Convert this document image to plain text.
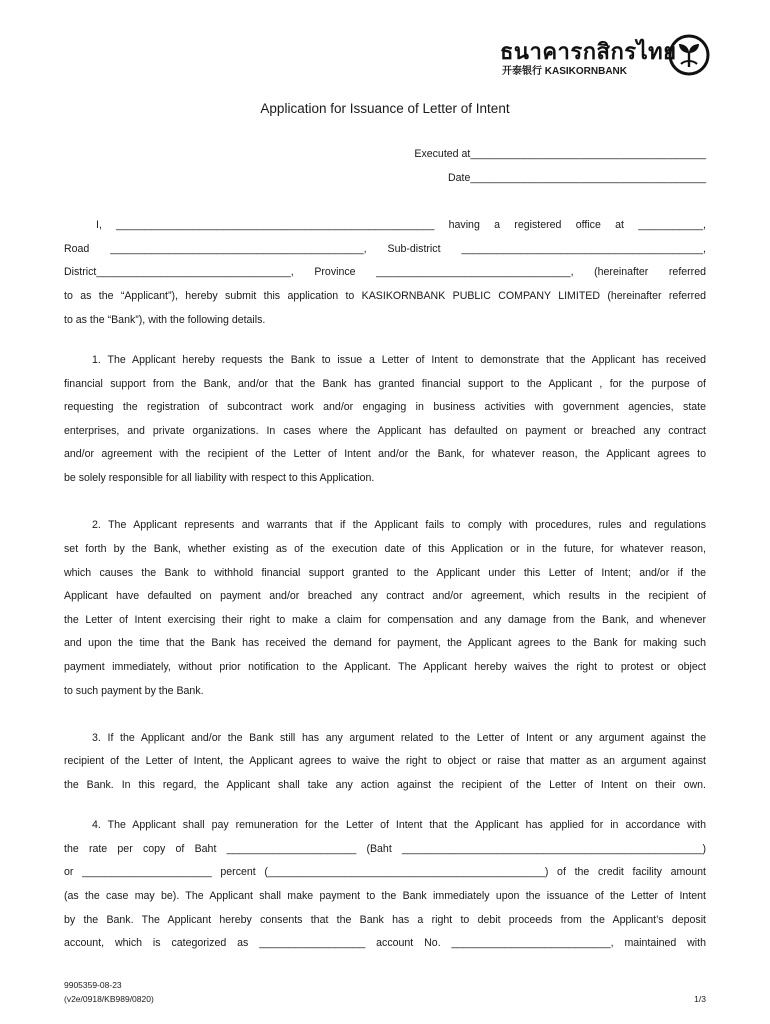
ธนาคารกสิกรไทย
开泰银行 KASIKORNBANK
Application for Issuance of Letter of Intent
Executed at________________________________________
Date________________________________________
I, ______________________________________________________ having a registered office at ___________,
Road ___________________________________________, Sub-district _________________________________________,
District_________________________________, Province _________________________________, (hereinafter referred
to as the “Applicant”), hereby submit this application to KASIKORNBANK PUBLIC COMPANY LIMITED (hereinafter referred
to as the “Bank”), with the following details.
1. The Applicant hereby requests the Bank to issue a Letter of Intent to demonstrate that the Applicant has received
financial support from the Bank, and/or that the Bank has granted financial support to the Applicant , for the purpose of
requesting the registration of subcontract work and/or engaging in business activities with government agencies, state
enterprises, and private organizations. In cases where the Applicant has defaulted on payment or breached any contract
and/or agreement with the recipient of the Letter of Intent and/or the Bank, for whatever reason, the Applicant agrees to
be solely responsible for all liability with respect to this Application.
2. The Applicant represents and warrants that if the Applicant fails to comply with procedures, rules and regulations
set forth by the Bank, whether existing as of the execution date of this Application or in the future, for whatever reason,
which causes the Bank to withhold financial support granted to the Applicant under this Letter of Intent; and/or if the
Applicant have defaulted on payment and/or breached any contract and/or agreement, which results in the recipient of
the Letter of Intent exercising their right to make a claim for compensation and any damage from the Bank, and whenever
and upon the time that the Bank has received the demand for payment, the Applicant agrees to the Bank for making such
payment immediately, without prior notification to the Applicant. The Applicant hereby waives the right to protest or object
to such payment by the Bank.
3. If the Applicant and/or the Bank still has any argument related to the Letter of Intent or any argument against the
recipient of the Letter of Intent, the Applicant agrees to waive the right to object or raise that matter as an argument against
the Bank. In this regard, the Applicant shall take any action against the recipient of the Letter of Intent on their own.
4. The Applicant shall pay remuneration for the Letter of Intent that the Applicant has applied for in accordance with
the rate per copy of Baht ______________________ (Baht ___________________________________________________)
or ______________________ percent (_______________________________________________) of the credit facility amount
(as the case may be). The Applicant shall make payment to the Bank immediately upon the issuance of the Letter of Intent
by the Bank. The Applicant hereby consents that the Bank has a right to debit proceeds from the Applicant’s deposit
account, which is categorized as __________________ account No. ___________________________, maintained with
9905359-08-23
(v2e/0918/KB989/0820)	1/3
